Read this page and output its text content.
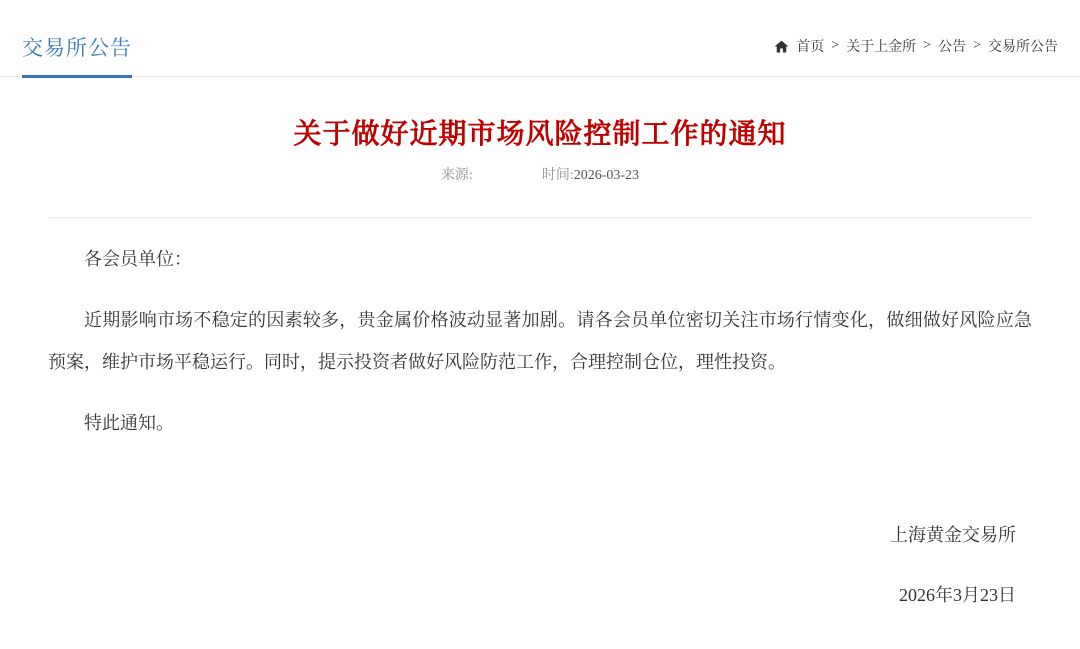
交易所公告	首页 > 关于上金所 > 公告 > 交易所公告
关于做好近期市场风险控制工作的通知
来源:	时间:2026-03-23

各会员单位：

近期影响市场不稳定的因素较多，贵金属价格波动显著加剧。请各会员单位密切关注市场行情变化，做细做好风险应急预案，维护市场平稳运行。同时，提示投资者做好风险防范工作，合理控制仓位，理性投资。

特此通知。

上海黄金交易所
2026年3月23日
